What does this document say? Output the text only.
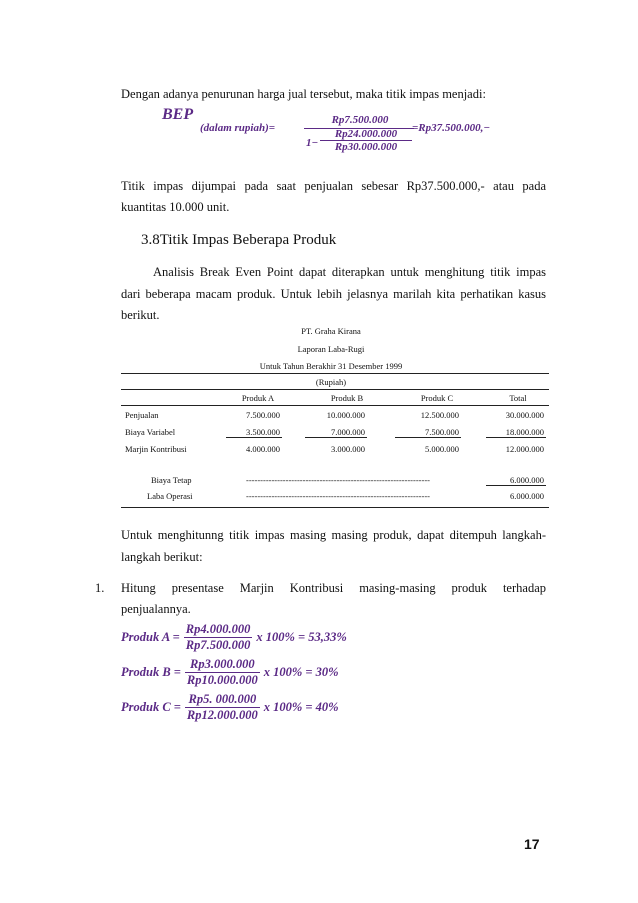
Dengan adanya penurunan harga jual tersebut, maka titik impas menjadi:
BEP
(dalam rupiah)=
Rp7.500.000
1−
Rp24.000.000
Rp30.000.000
=Rp37.500.000,−
Titik impas dijumpai pada saat penjualan sebesar Rp37.500.000,- atau pada
kuantitas 10.000 unit.
3.8Titik Impas Beberapa Produk
Analisis Break Even Point dapat diterapkan untuk menghitung titik impas
dari beberapa macam produk. Untuk lebih jelasnya marilah kita perhatikan kasus
berikut.
PT. Graha Kirana
Laporan Laba-Rugi
Untuk Tahun Berakhir 31 Desember 1999
(Rupiah)
Produk A	Produk B	Produk C	Total
Penjualan	7.500.000	10.000.000	12.500.000	30.000.000
Biaya Variabel	3.500.000	7.000.000	7.500.000	18.000.000
Marjin Kontribusi	4.000.000	3.000.000	5.000.000	12.000.000
Biaya Tetap	-----------------------------------------------------------------	6.000.000
Laba Operasi	-----------------------------------------------------------------	6.000.000
Untuk menghitunng titik impas masing masing produk, dapat ditempuh langkah-
langkah berikut:
1. Hitung presentase Marjin Kontribusi masing-masing produk terhadap
penjualannya.
Produk $A = \frac{Rp4.000.000}{Rp7.500.000}$ x 100% = 53,33%
Produk $B = \frac{Rp3.000.000}{Rp10.000.000}$ x 100% = 30%
Produk $C = \frac{Rp5. 000.000}{Rp12.000.000}$ x 100% = 40%
17
